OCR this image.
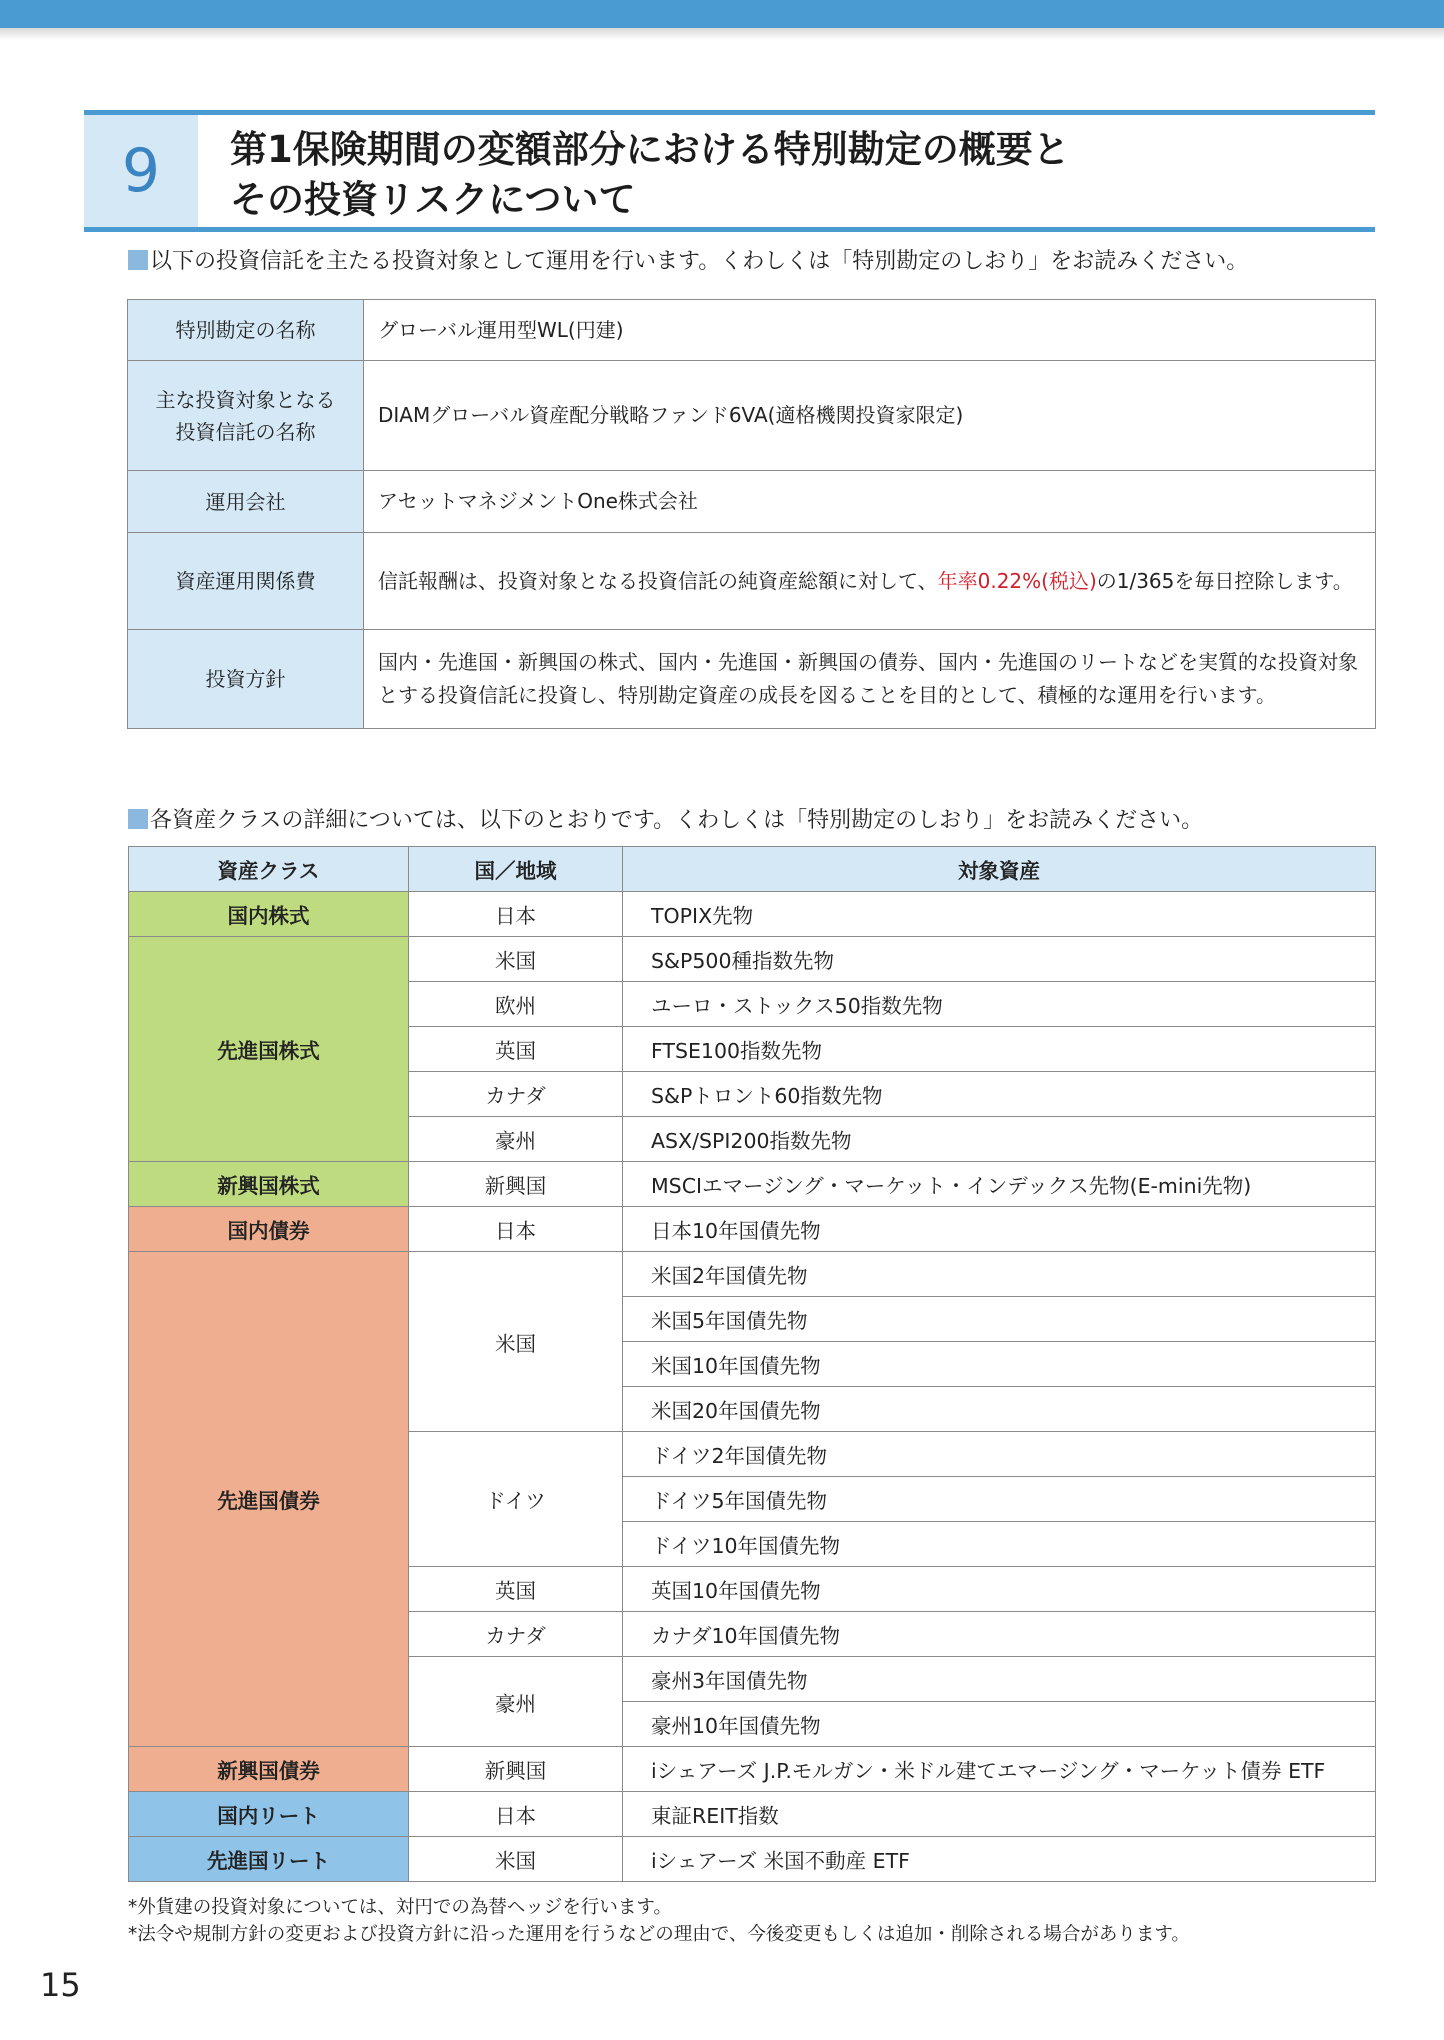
9	第1保険期間の変額部分における特別勘定の概要と
その投資リスクについて
以下の投資信託を主たる投資対象として運用を行います。くわしくは「特別勘定のしおり」をお読みください。
特別勘定の名称	グローバル運用型WL(円建)

主な投資対象となる
投資信託の名称	DIAMグローバル資産配分戦略ファンド6VA(適格機関投資家限定)
運用会社	アセットマネジメントOne株式会社
資産運用関係費	信託報酬は、投資対象となる投資信託の純資産総額に対して、年率0.22%(税込)の1/365を毎日控除します。
投資方針	国内・先進国・新興国の株式、国内・先進国・新興国の債券、国内・先進国のリートなどを実質的な投資対象とする投資信託に投資し、特別勘定資産の成長を図ることを目的として、積極的な運用を行います。
各資産クラスの詳細については、以下のとおりです。くわしくは「特別勘定のしおり」をお読みください。
資産クラス	国／地域	対象資産
国内株式	日本	TOPIX先物
先進国株式	米国	S&P500種指数先物
	欧州	ユーロ・ストックス50指数先物
	英国	FTSE100指数先物
	カナダ	S&Pトロント60指数先物
	豪州	ASX/SPI200指数先物
新興国株式	新興国	MSCIエマージング・マーケット・インデックス先物(E-mini先物)
国内債券	日本	日本10年国債先物
先進国債券	米国	米国2年国債先物
		米国5年国債先物
		米国10年国債先物
		米国20年国債先物
	ドイツ	ドイツ2年国債先物
		ドイツ5年国債先物
		ドイツ10年国債先物
	英国	英国10年国債先物
	カナダ	カナダ10年国債先物
	豪州	豪州3年国債先物
		豪州10年国債先物
新興国債券	新興国	iシェアーズ J.P.モルガン・米ドル建てエマージング・マーケット債券 ETF
国内リート	日本	東証REIT指数
先進国リート	米国	iシェアーズ 米国不動産 ETF
*外貨建の投資対象については、対円での為替ヘッジを行います。
*法令や規制方針の変更および投資方針に沿った運用を行うなどの理由で、今後変更もしくは追加・削除される場合があります。
15
